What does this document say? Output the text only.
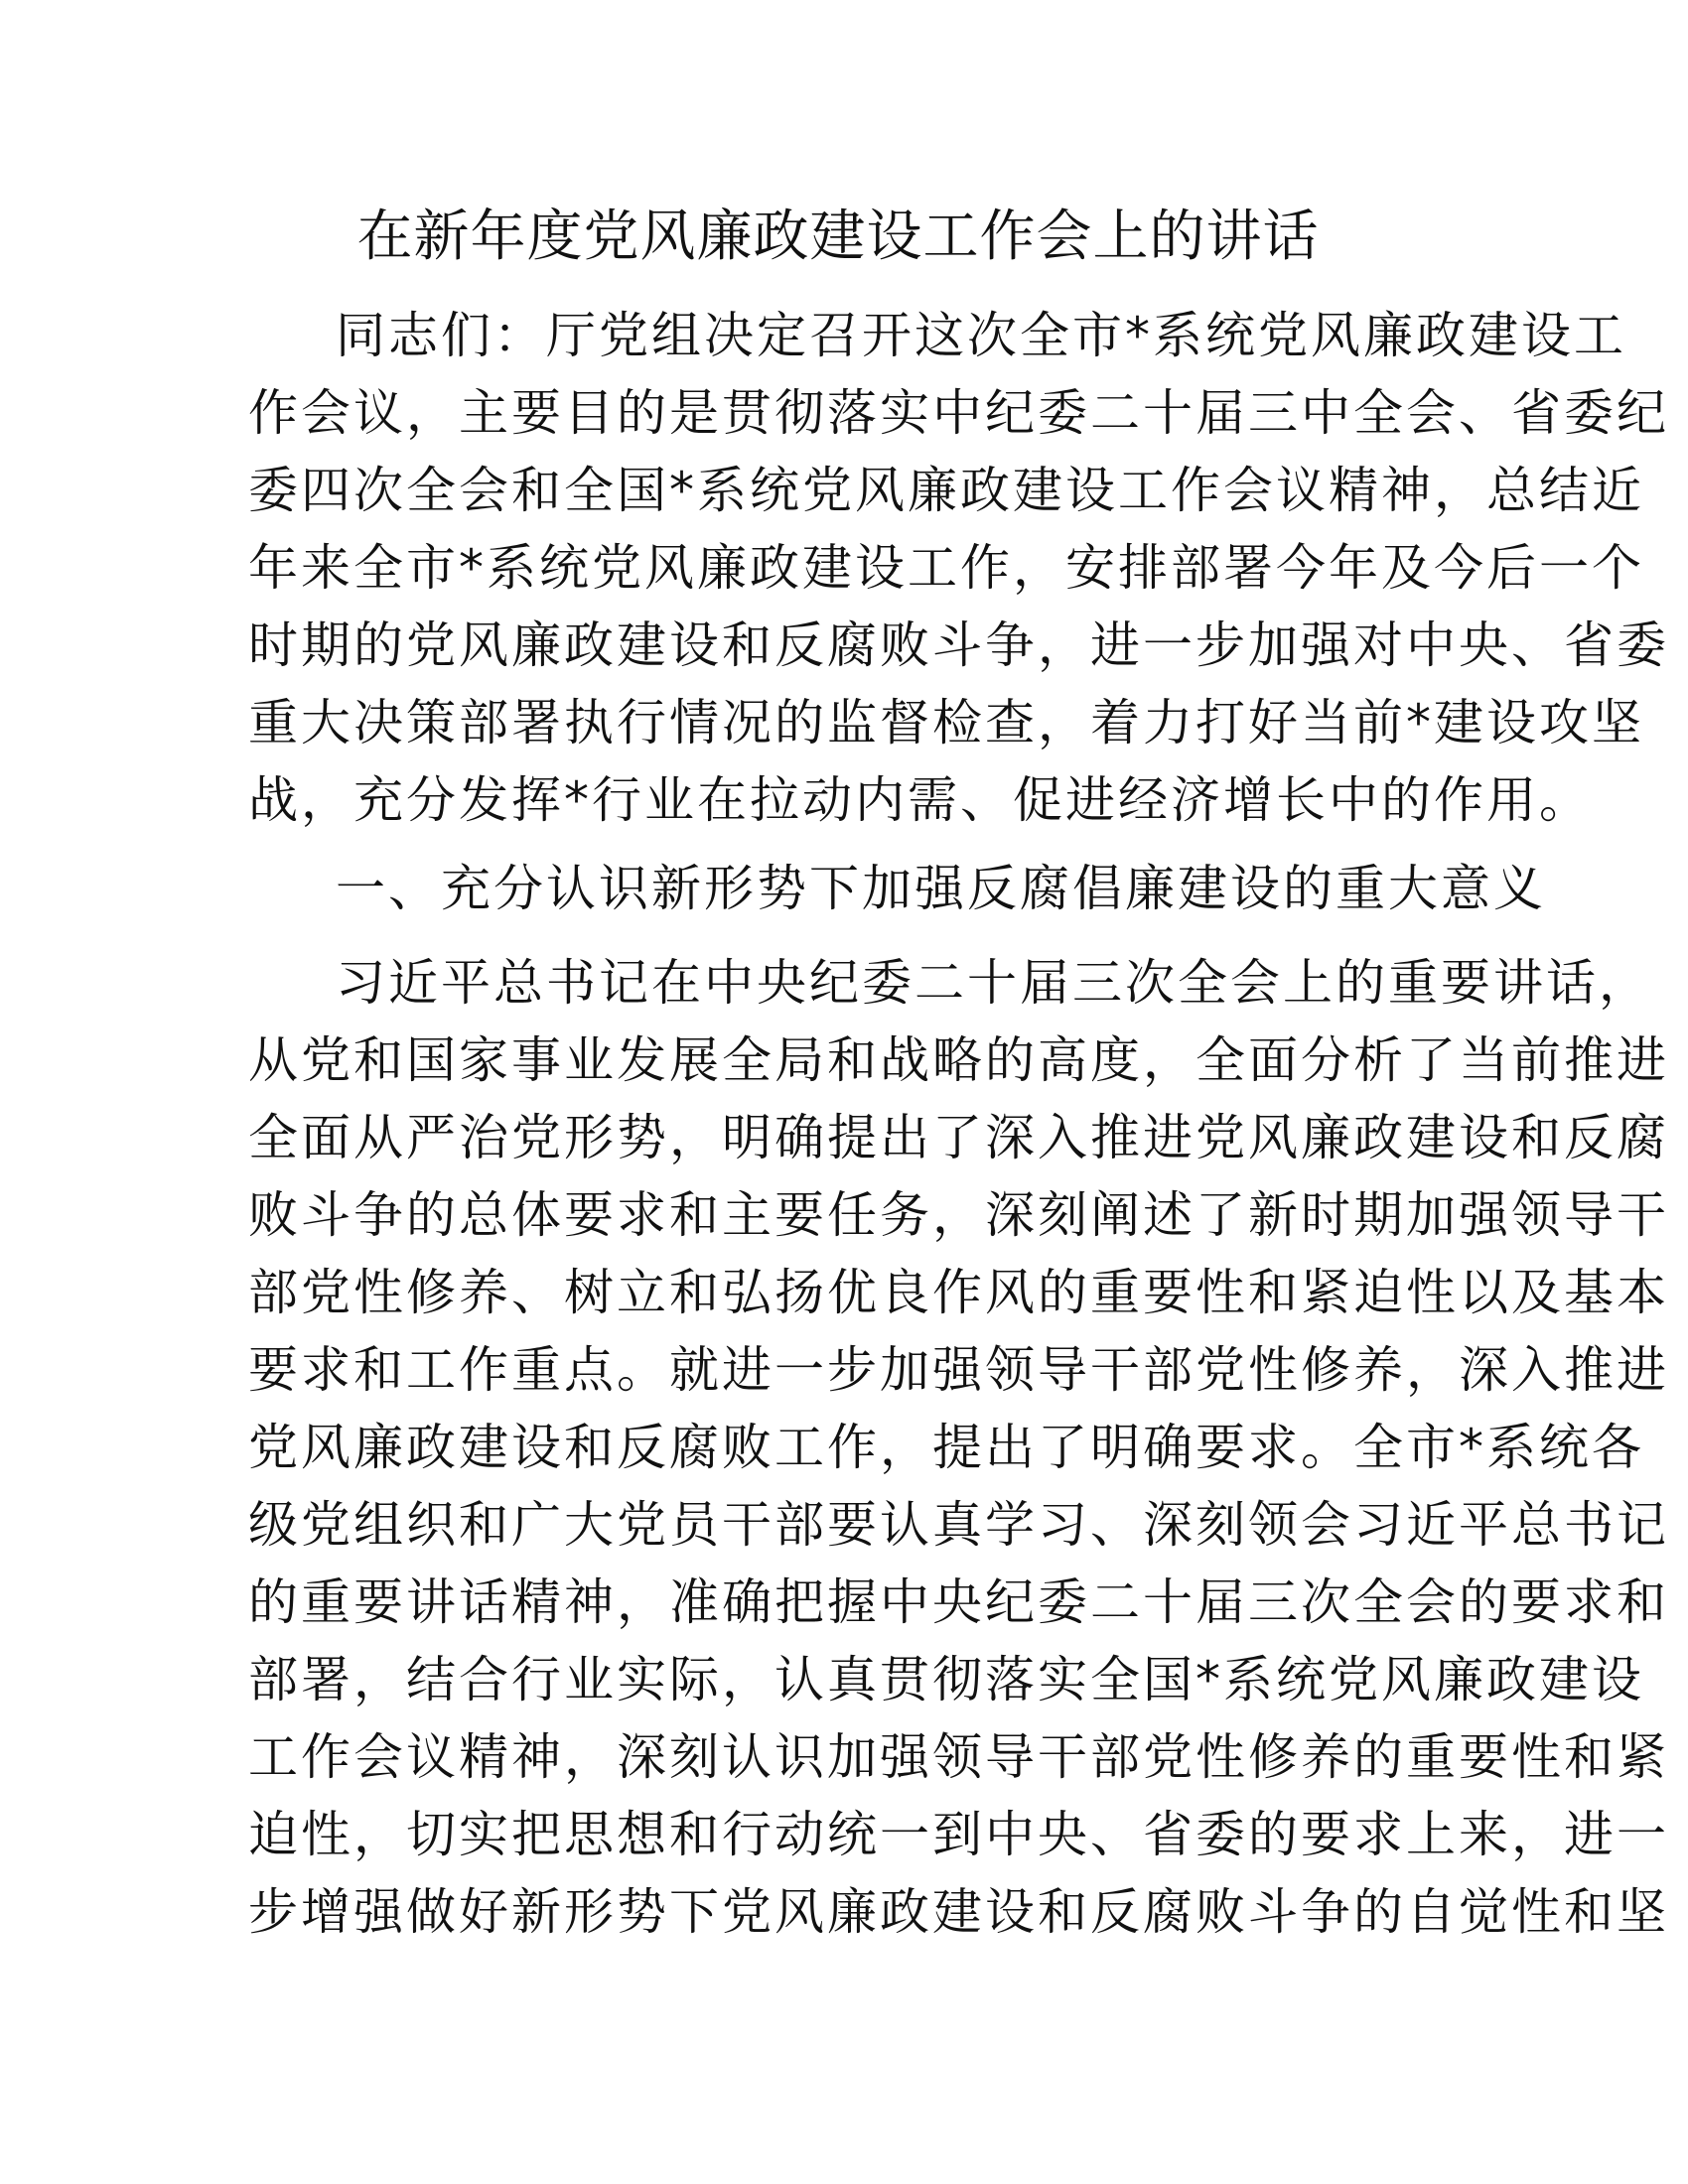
在新年度党风廉政建设工作会上的讲话
同志们：厅党组决定召开这次全市*系统党风廉政建设工
作会议，主要目的是贯彻落实中纪委二十届三中全会、省委纪
委四次全会和全国*系统党风廉政建设工作会议精神，总结近
年来全市*系统党风廉政建设工作，安排部署今年及今后一个
时期的党风廉政建设和反腐败斗争，进一步加强对中央、省委
重大决策部署执行情况的监督检查，着力打好当前*建设攻坚
战，充分发挥*行业在拉动内需、促进经济增长中的作用。
一、充分认识新形势下加强反腐倡廉建设的重大意义
习近平总书记在中央纪委二十届三次全会上的重要讲话，
从党和国家事业发展全局和战略的高度，全面分析了当前推进
全面从严治党形势，明确提出了深入推进党风廉政建设和反腐
败斗争的总体要求和主要任务，深刻阐述了新时期加强领导干
部党性修养、树立和弘扬优良作风的重要性和紧迫性以及基本
要求和工作重点。就进一步加强领导干部党性修养，深入推进
党风廉政建设和反腐败工作，提出了明确要求。全市*系统各
级党组织和广大党员干部要认真学习、深刻领会习近平总书记
的重要讲话精神，准确把握中央纪委二十届三次全会的要求和
部署，结合行业实际，认真贯彻落实全国*系统党风廉政建设
工作会议精神，深刻认识加强领导干部党性修养的重要性和紧
迫性，切实把思想和行动统一到中央、省委的要求上来，进一
步增强做好新形势下党风廉政建设和反腐败斗争的自觉性和坚
